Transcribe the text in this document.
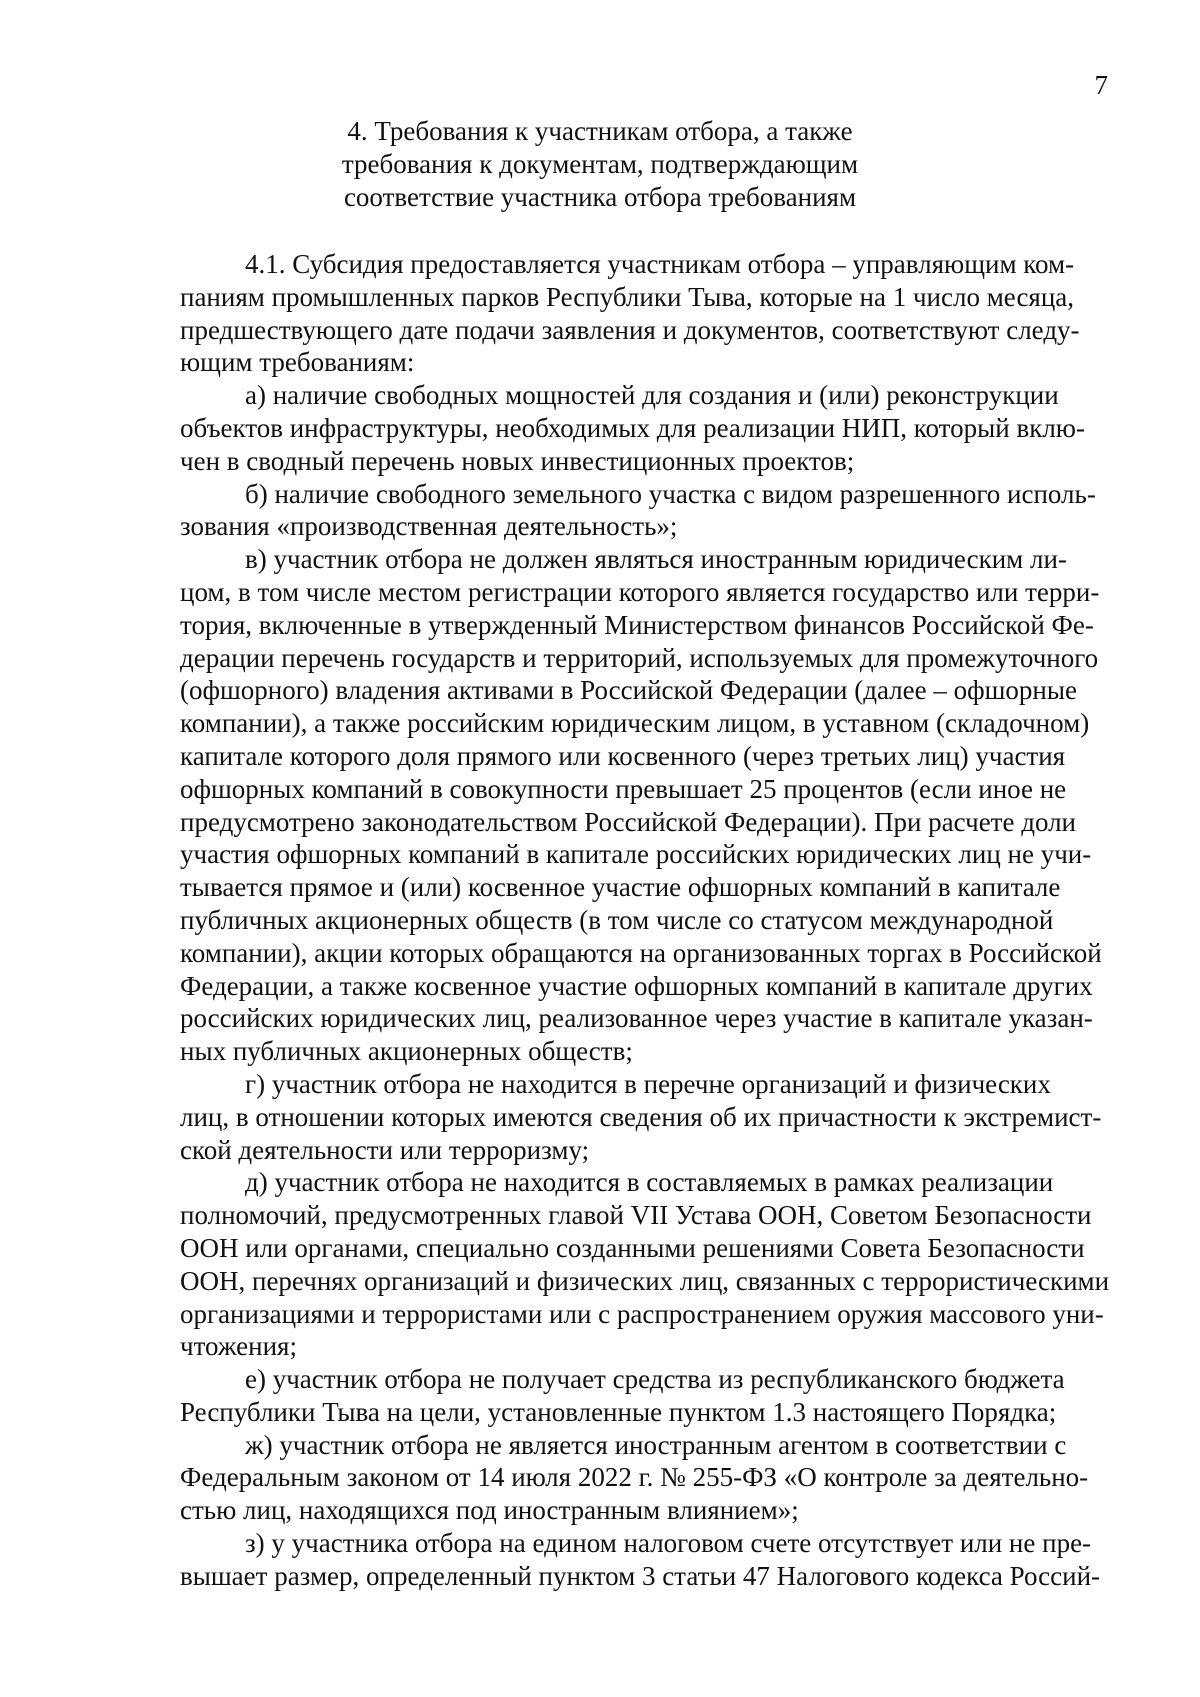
7
4. Требования к участникам отбора, а также
требования к документам, подтверждающим
соответствие участника отбора требованиям
4.1. Субсидия предоставляется участникам отбора – управляющим ком-
паниям промышленных парков Республики Тыва, которые на 1 число месяца,
предшествующего дате подачи заявления и документов, соответствуют следу-
ющим требованиям:
а) наличие свободных мощностей для создания и (или) реконструкции
объектов инфраструктуры, необходимых для реализации НИП, который вклю-
чен в сводный перечень новых инвестиционных проектов;
б) наличие свободного земельного участка с видом разрешенного исполь-
зования «производственная деятельность»;
в) участник отбора не должен являться иностранным юридическим ли-
цом, в том числе местом регистрации которого является государство или терри-
тория, включенные в утвержденный Министерством финансов Российской Фе-
дерации перечень государств и территорий, используемых для промежуточного
(офшорного) владения активами в Российской Федерации (далее – офшорные
компании), а также российским юридическим лицом, в уставном (складочном)
капитале которого доля прямого или косвенного (через третьих лиц) участия
офшорных компаний в совокупности превышает 25 процентов (если иное не
предусмотрено законодательством Российской Федерации). При расчете доли
участия офшорных компаний в капитале российских юридических лиц не учи-
тывается прямое и (или) косвенное участие офшорных компаний в капитале
публичных акционерных обществ (в том числе со статусом международной
компании), акции которых обращаются на организованных торгах в Российской
Федерации, а также косвенное участие офшорных компаний в капитале других
российских юридических лиц, реализованное через участие в капитале указан-
ных публичных акционерных обществ;
г) участник отбора не находится в перечне организаций и физических
лиц, в отношении которых имеются сведения об их причастности к экстремист-
ской деятельности или терроризму;
д) участник отбора не находится в составляемых в рамках реализации
полномочий, предусмотренных главой VII Устава ООН, Советом Безопасности
ООН или органами, специально созданными решениями Совета Безопасности
ООН, перечнях организаций и физических лиц, связанных с террористическими
организациями и террористами или с распространением оружия массового уни-
чтожения;
е) участник отбора не получает средства из республиканского бюджета
Республики Тыва на цели, установленные пунктом 1.3 настоящего Порядка;
ж) участник отбора не является иностранным агентом в соответствии с
Федеральным законом от 14 июля 2022 г. № 255-ФЗ «О контроле за деятельно-
стью лиц, находящихся под иностранным влиянием»;
з) у участника отбора на едином налоговом счете отсутствует или не пре-
вышает размер, определенный пунктом 3 статьи 47 Налогового кодекса Россий-
